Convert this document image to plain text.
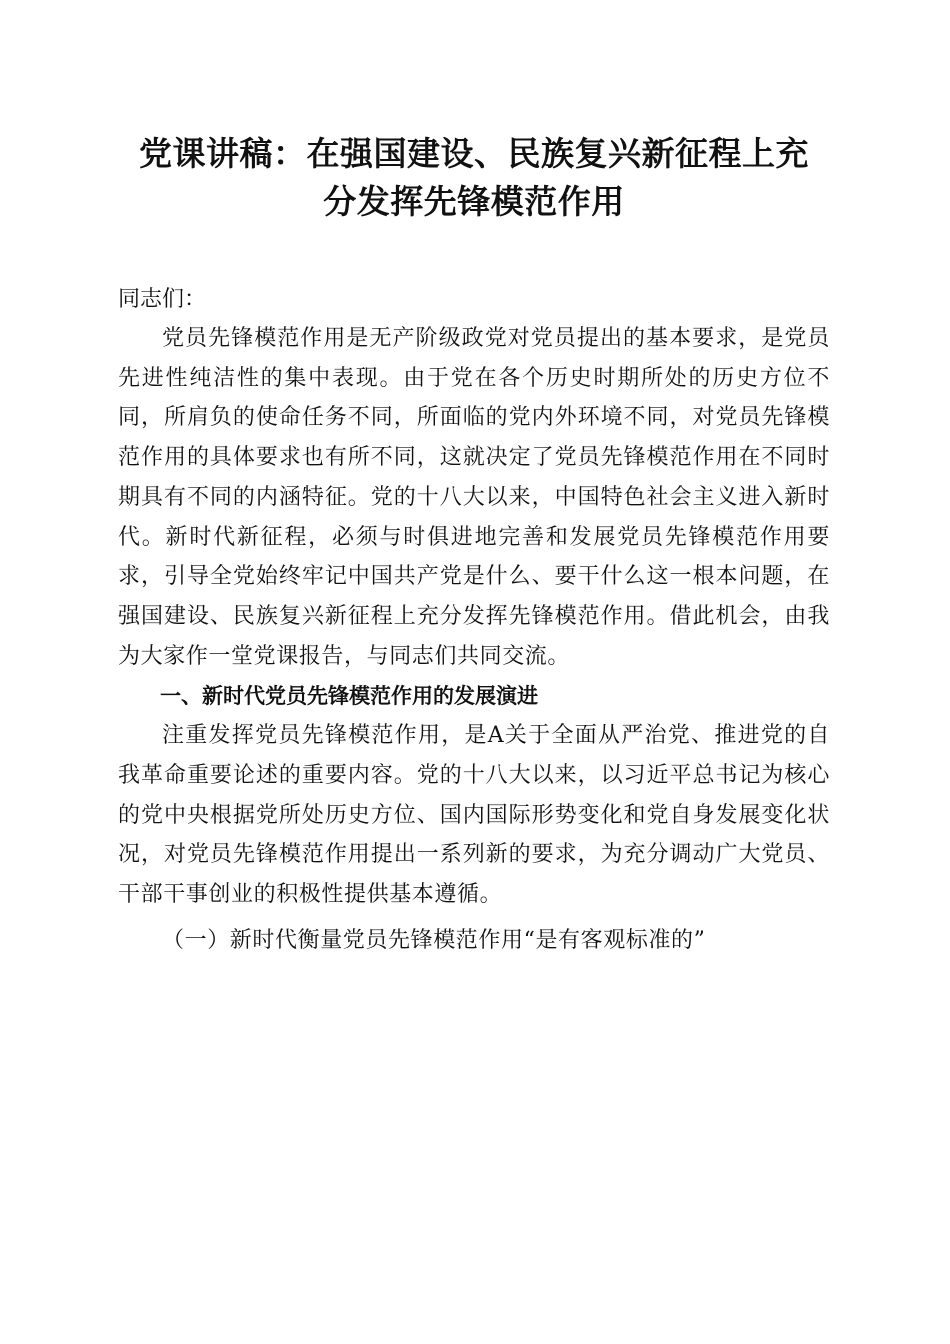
党课讲稿：在强国建设、民族复兴新征程上充
分发挥先锋模范作用

同志们：

党员先锋模范作用是无产阶级政党对党员提出的基本要求，是党员先进性纯洁性的集中表现。由于党在各个历史时期所处的历史方位不同，所肩负的使命任务不同，所面临的党内外环境不同，对党员先锋模范作用的具体要求也有所不同，这就决定了党员先锋模范作用在不同时期具有不同的内涵特征。党的十八大以来，中国特色社会主义进入新时代。新时代新征程，必须与时俱进地完善和发展党员先锋模范作用要求，引导全党始终牢记中国共产党是什么、要干什么这一根本问题，在强国建设、民族复兴新征程上充分发挥先锋模范作用。借此机会，由我为大家作一堂党课报告，与同志们共同交流。

一、新时代党员先锋模范作用的发展演进

注重发挥党员先锋模范作用，是A关于全面从严治党、推进党的自我革命重要论述的重要内容。党的十八大以来，以习近平总书记为核心的党中央根据党所处历史方位、国内国际形势变化和党自身发展变化状况，对党员先锋模范作用提出一系列新的要求，为充分调动广大党员、干部干事创业的积极性提供基本遵循。

（一）新时代衡量党员先锋模范作用“是有客观标准的”
